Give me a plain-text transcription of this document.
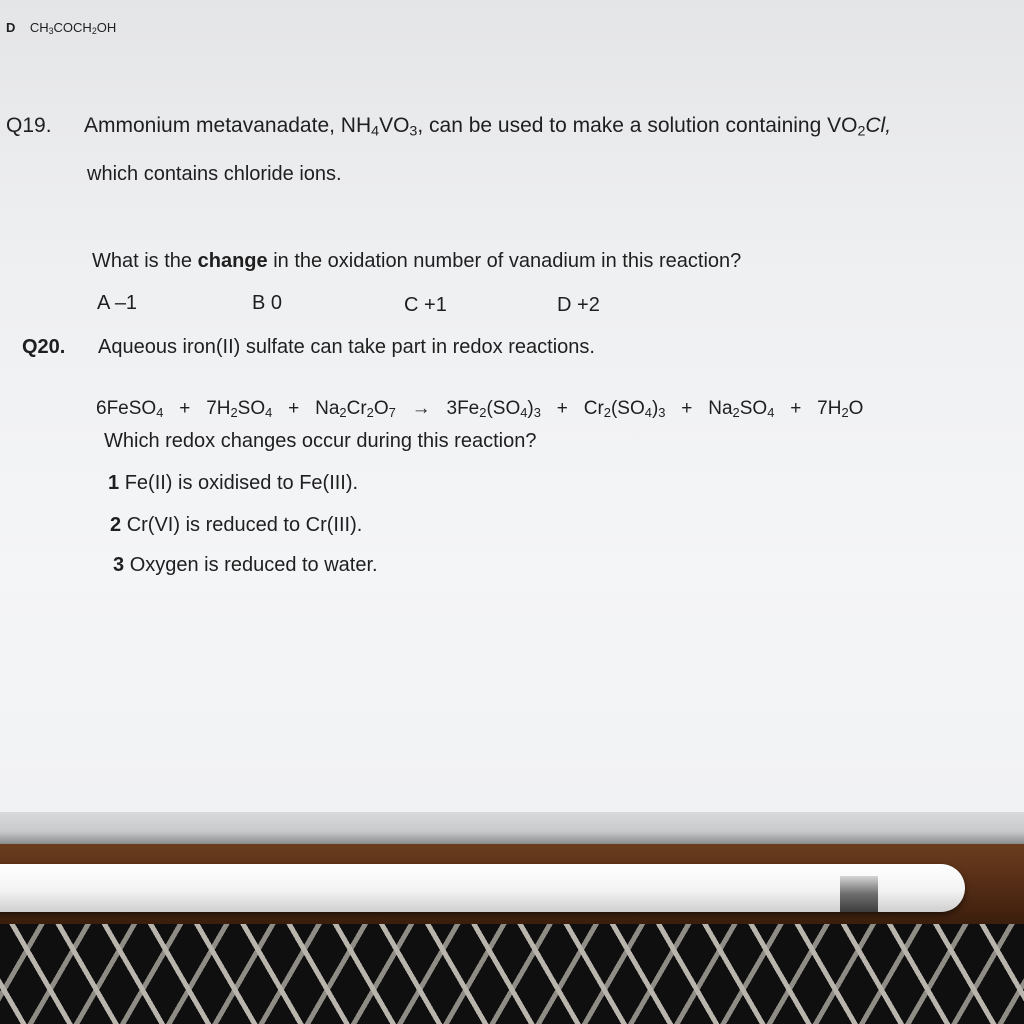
D $CH_3COCH_2OH$
Q19. Ammonium metavanadate, $NH_4VO_3$, can be used to make a solution containing $VO_2Cl$,
which contains chloride ions.
What is the change in the oxidation number of vanadium in this reaction?
A –1	B 0	C +1	D +2
Q20. Aqueous iron(II) sulfate can take part in redox reactions.
6FeSO$_4$ + $7H_2SO_4 + Na_2Cr_2O_7 \to 3Fe_2(SO_4)_3 + Cr_2(SO_4)_3 + Na_2SO_4 + 7H_2O$
Which redox changes occur during this reaction?
1 Fe(II) is oxidised to Fe(III).
2 Cr(VI) is reduced to Cr(III).
3 Oxygen is reduced to water.
